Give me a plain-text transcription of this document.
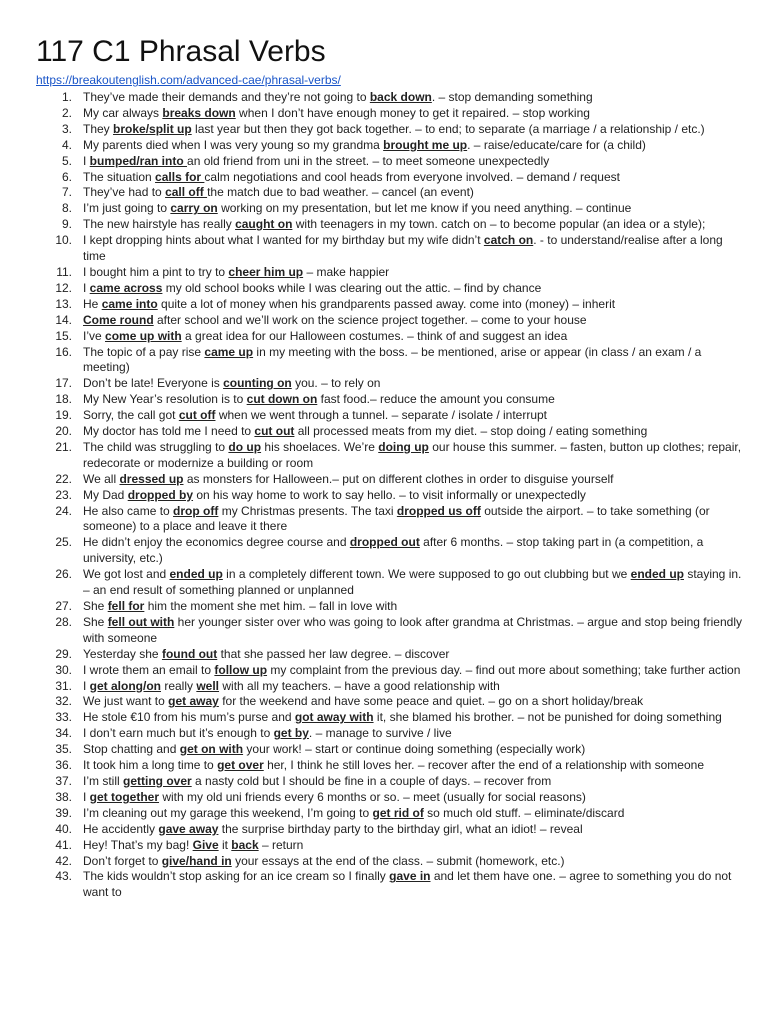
117 C1 Phrasal Verbs
https://breakoutenglish.com/advanced-cae/phrasal-verbs/
1. They’ve made their demands and they’re not going to back down. – stop demanding something
2. My car always breaks down when I don’t have enough money to get it repaired. – stop working
3. They broke/split up last year but then they got back together. – to end; to separate (a marriage / a relationship / etc.)
4. My parents died when I was very young so my grandma brought me up. – raise/educate/care for (a child)
5. I bumped/ran into an old friend from uni in the street. – to meet someone unexpectedly
6. The situation calls for calm negotiations and cool heads from everyone involved. – demand / request
7. They’ve had to call off the match due to bad weather. – cancel (an event)
8. I’m just going to carry on working on my presentation, but let me know if you need anything. – continue
9. The new hairstyle has really caught on with teenagers in my town. catch on – to become popular (an idea or a style);
10. I kept dropping hints about what I wanted for my birthday but my wife didn’t catch on. - to understand/realise after a long time
11. I bought him a pint to try to cheer him up – make happier
12. I came across my old school books while I was clearing out the attic. – find by chance
13. He came into quite a lot of money when his grandparents passed away. come into (money) – inherit
14. Come round after school and we’ll work on the science project together. – come to your house
15. I’ve come up with a great idea for our Halloween costumes. – think of and suggest an idea
16. The topic of a pay rise came up in my meeting with the boss. – be mentioned, arise or appear (in class / an exam / a meeting)
17. Don’t be late! Everyone is counting on you. – to rely on
18. My New Year’s resolution is to cut down on fast food.– reduce the amount you consume
19. Sorry, the call got cut off when we went through a tunnel. – separate / isolate / interrupt
20. My doctor has told me I need to cut out all processed meats from my diet. – stop doing / eating something
21. The child was struggling to do up his shoelaces. We’re doing up our house this summer. – fasten, button up clothes; repair, redecorate or modernize a building or room
22. We all dressed up as monsters for Halloween.– put on different clothes in order to disguise yourself
23. My Dad dropped by on his way home to work to say hello. – to visit informally or unexpectedly
24. He also came to drop off my Christmas presents. The taxi dropped us off outside the airport. – to take something (or someone) to a place and leave it there
25. He didn’t enjoy the economics degree course and dropped out after 6 months. – stop taking part in (a competition, a university, etc.)
26. We got lost and ended up in a completely different town. We were supposed to go out clubbing but we ended up staying in. – an end result of something planned or unplanned
27. She fell for him the moment she met him. – fall in love with
28. She fell out with her younger sister over who was going to look after grandma at Christmas. – argue and stop being friendly with someone
29. Yesterday she found out that she passed her law degree. – discover
30. I wrote them an email to follow up my complaint from the previous day. – find out more about something; take further action
31. I get along/on really well with all my teachers. – have a good relationship with
32. We just want to get away for the weekend and have some peace and quiet. – go on a short holiday/break
33. He stole €10 from his mum’s purse and got away with it, she blamed his brother. – not be punished for doing something
34. I don’t earn much but it’s enough to get by. – manage to survive / live
35. Stop chatting and get on with your work! – start or continue doing something (especially work)
36. It took him a long time to get over her, I think he still loves her. – recover after the end of a relationship with someone
37. I’m still getting over a nasty cold but I should be fine in a couple of days. – recover from
38. I get together with my old uni friends every 6 months or so. – meet (usually for social reasons)
39. I’m cleaning out my garage this weekend, I’m going to get rid of so much old stuff. – eliminate/discard
40. He accidently gave away the surprise birthday party to the birthday girl, what an idiot! – reveal
41. Hey! That’s my bag! Give it back – return
42. Don’t forget to give/hand in your essays at the end of the class. – submit (homework, etc.)
43. The kids wouldn’t stop asking for an ice cream so I finally gave in and let them have one. – agree to something you do not want to
